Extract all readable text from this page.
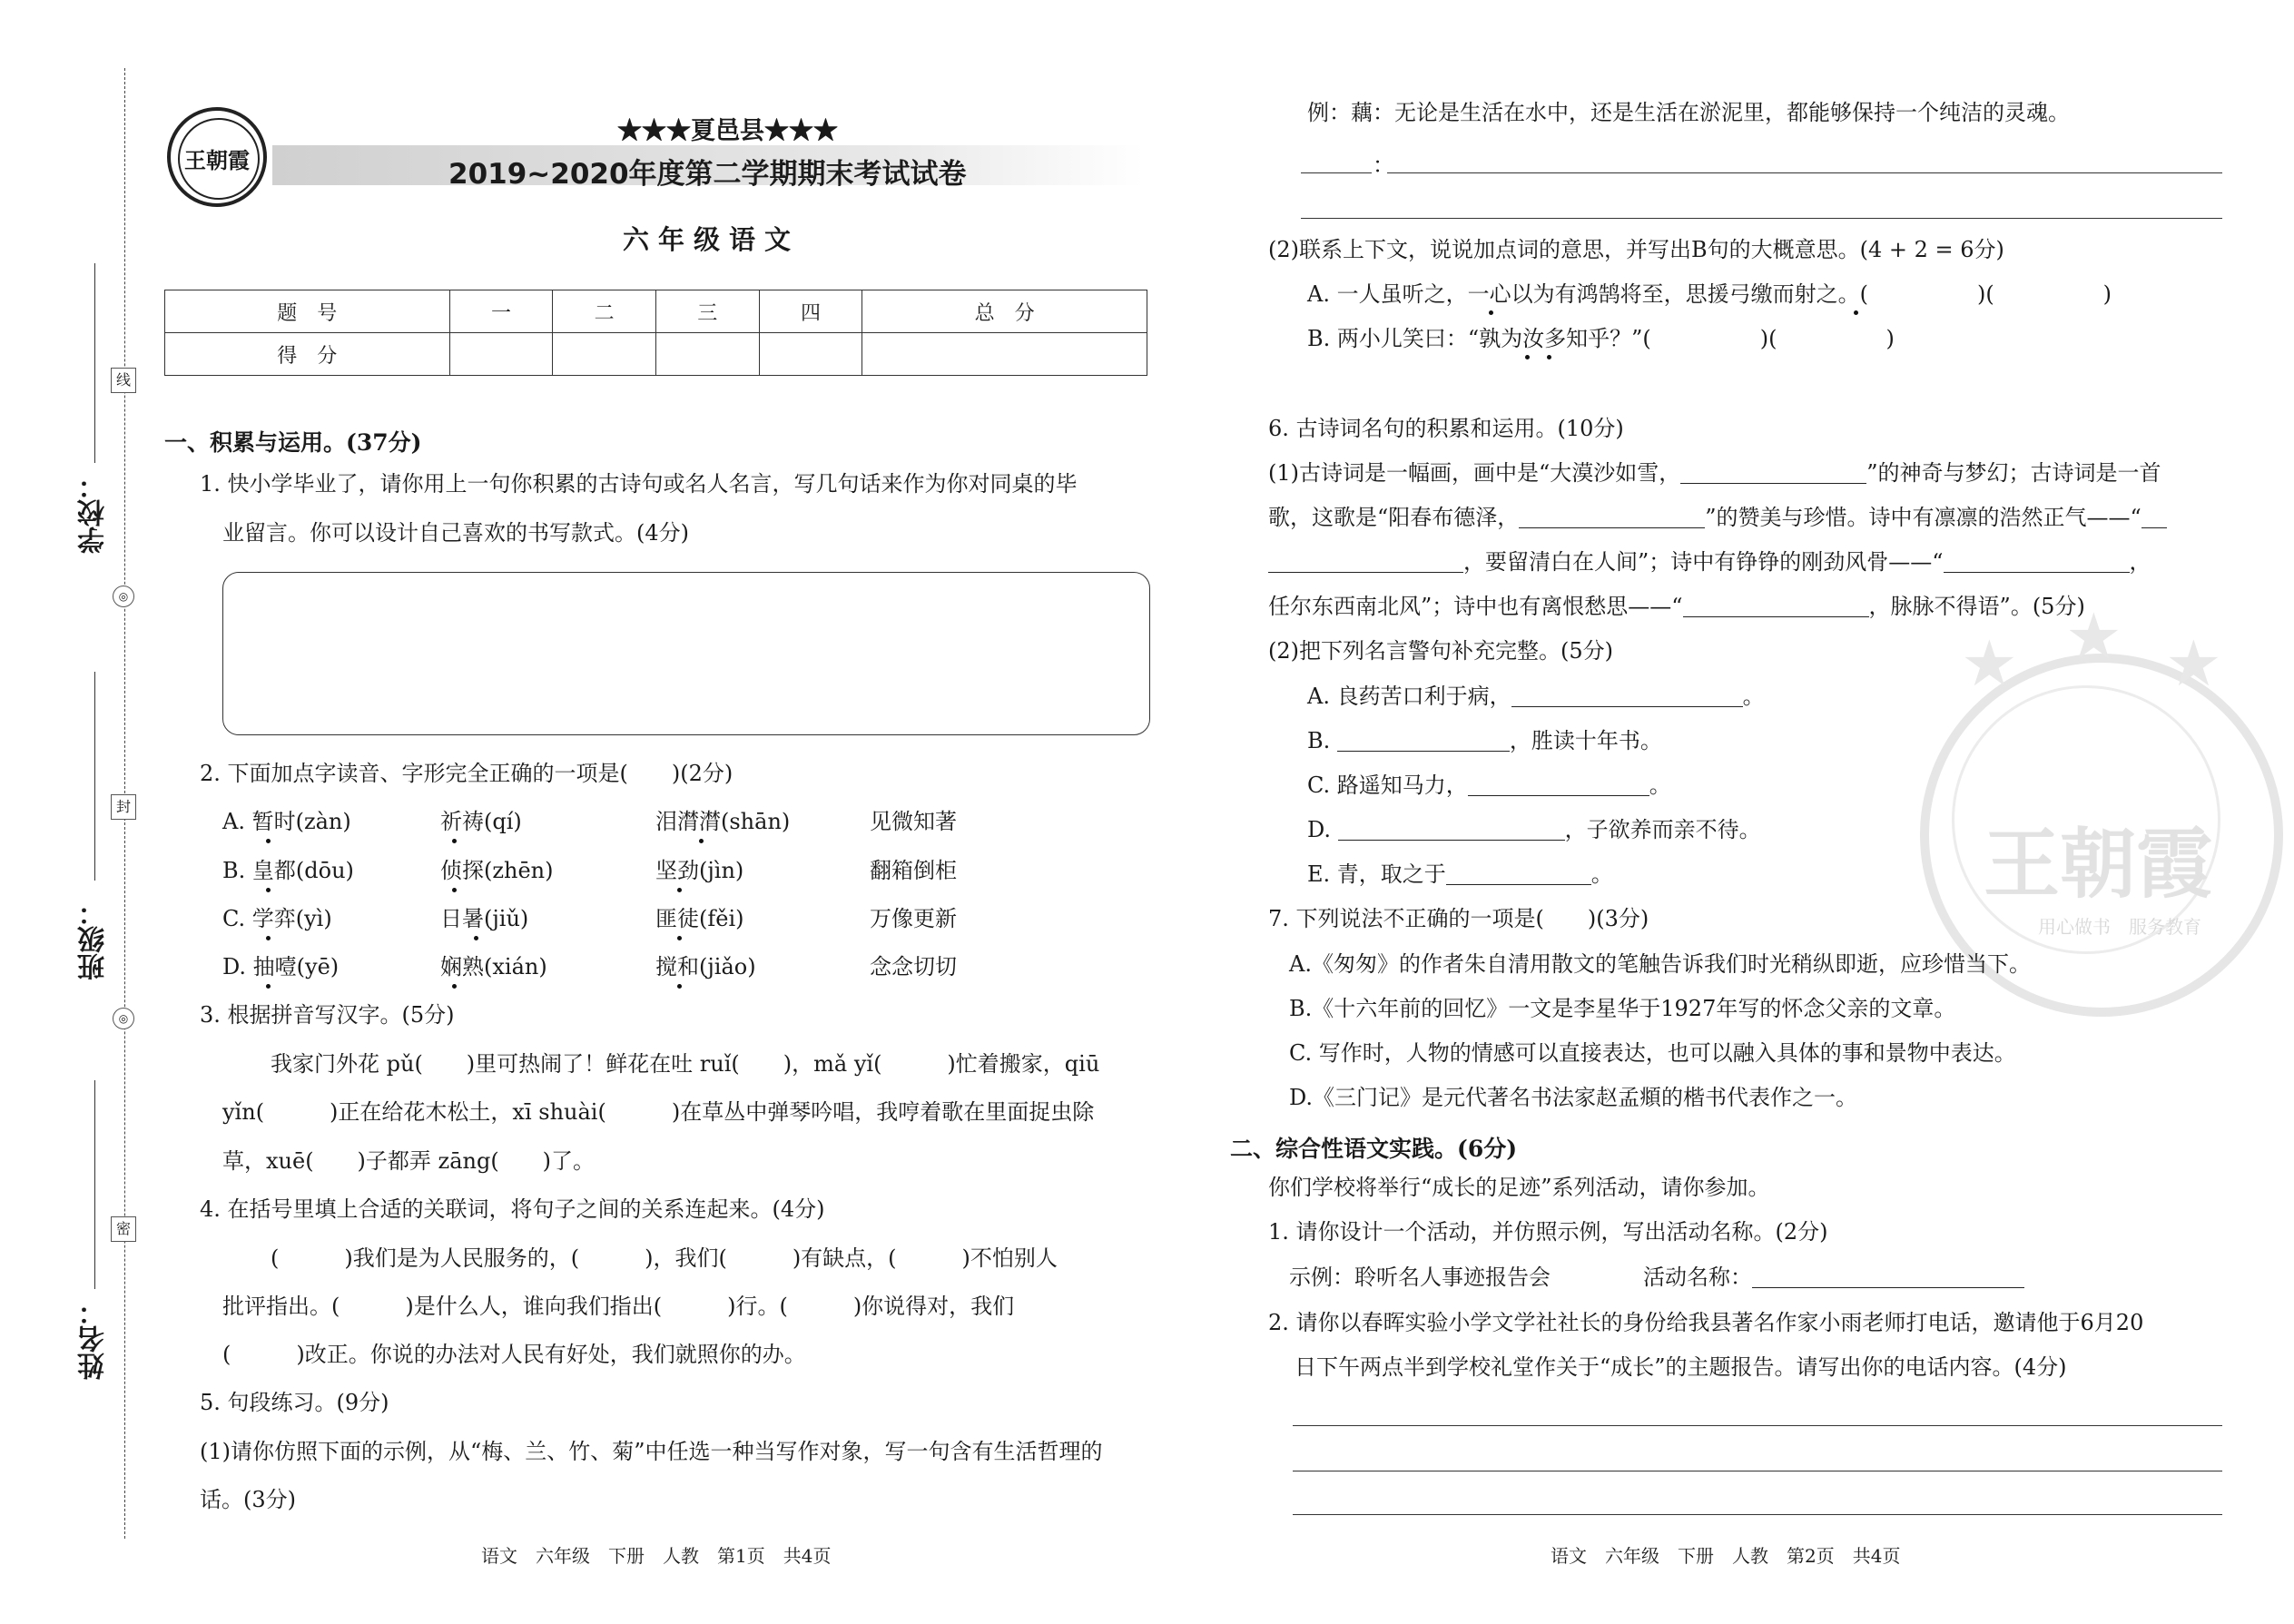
线
封
密
◎
◎
学校：
班级：
姓名：
王朝霞
★★★夏邑县★★★
2019~2020年度第二学期期末考试试卷
六年级语文
题　号	一	二	三	四	总　分
得　分					
一、积累与运用。(37分)
1. 快小学毕业了，请你用上一句你积累的古诗句或名人名言，写几句话来作为你对同桌的毕
业留言。你可以设计自己喜欢的书写款式。(4分)
2. 下面加点字读音、字形完全正确的一项是(　　)(2分)
A. 暂时(zàn)	祈祷(qí)	泪潸潸(shān)	见微知著
B. 皇都(dōu)	侦探(zhēn)	坚劲(jìn)	翻箱倒柜
C. 学弈(yì)	日暑(jiǔ)	匪徒(fěi)	万像更新
D. 抽噎(yē)	娴熟(xián)	搅和(jiǎo)	念念切切
3. 根据拼音写汉字。(5分)
我家门外花 pǔ(　　)里可热闹了！鲜花在吐 ruǐ(　　)，mǎ yǐ(　　　)忙着搬家，qiū
yǐn(　　　)正在给花木松土，xī shuài(　　　)在草丛中弹琴吟唱，我哼着歌在里面捉虫除
草，xuē(　　)子都弄 zāng(　　)了。
4. 在括号里填上合适的关联词，将句子之间的关系连起来。(4分)
(　　　)我们是为人民服务的，(　　　)，我们(　　　)有缺点，(　　　)不怕别人
批评指出。(　　　)是什么人，谁向我们指出(　　　)行。(　　　)你说得对，我们
(　　　)改正。你说的办法对人民有好处，我们就照你的办。
5. 句段练习。(9分)
(1)请你仿照下面的示例，从“梅、兰、竹、菊”中任选一种当写作对象，写一句含有生活哲理的
话。(3分)
语文　六年级　下册　人教　第1页　共4页
★ ★ ★
王朝霞
用心做书　服务教育
例：藕：无论是生活在水中，还是生活在淤泥里，都能够保持一个纯洁的灵魂。
：
(2)联系上下文，说说加点词的意思，并写出B句的大概意思。(4 + 2 = 6分)
A. 一人虽听之，一心以为有鸿鹄将至，思援弓缴而射之。(　　　　　)(　　　　　)
B. 两小儿笑曰：“孰为汝多知乎？”(　　　　　)(　　　　　)
6. 古诗词名句的积累和运用。(10分)
(1)古诗词是一幅画，画中是“大漠沙如雪，	”的神奇与梦幻；古诗词是一首
歌，这歌是“阳春布德泽，	”的赞美与珍惜。诗中有凛凛的浩然正气——“
，要留清白在人间”；诗中有铮铮的刚劲风骨——“	，
任尔东西南北风”；诗中也有离恨愁思——“	，脉脉不得语”。(5分)
(2)把下列名言警句补充完整。(5分)
A. 良药苦口利于病，	。
B.	，胜读十年书。
C. 路遥知马力，	。
D.	，子欲养而亲不待。
E. 青，取之于	。
7. 下列说法不正确的一项是(　　)(3分)
A.《匆匆》的作者朱自清用散文的笔触告诉我们时光稍纵即逝，应珍惜当下。
B.《十六年前的回忆》一文是李星华于1927年写的怀念父亲的文章。
C. 写作时，人物的情感可以直接表达，也可以融入具体的事和景物中表达。
D.《三门记》是元代著名书法家赵孟頫的楷书代表作之一。
二、综合性语文实践。(6分)
你们学校将举行“成长的足迹”系列活动，请你参加。
1. 请你设计一个活动，并仿照示例，写出活动名称。(2分)
示例：聆听名人事迹报告会	活动名称：
2. 请你以春晖实验小学文学社社长的身份给我县著名作家小雨老师打电话，邀请他于6月20
日下午两点半到学校礼堂作关于“成长”的主题报告。请写出你的电话内容。(4分)
语文　六年级　下册　人教　第2页　共4页
